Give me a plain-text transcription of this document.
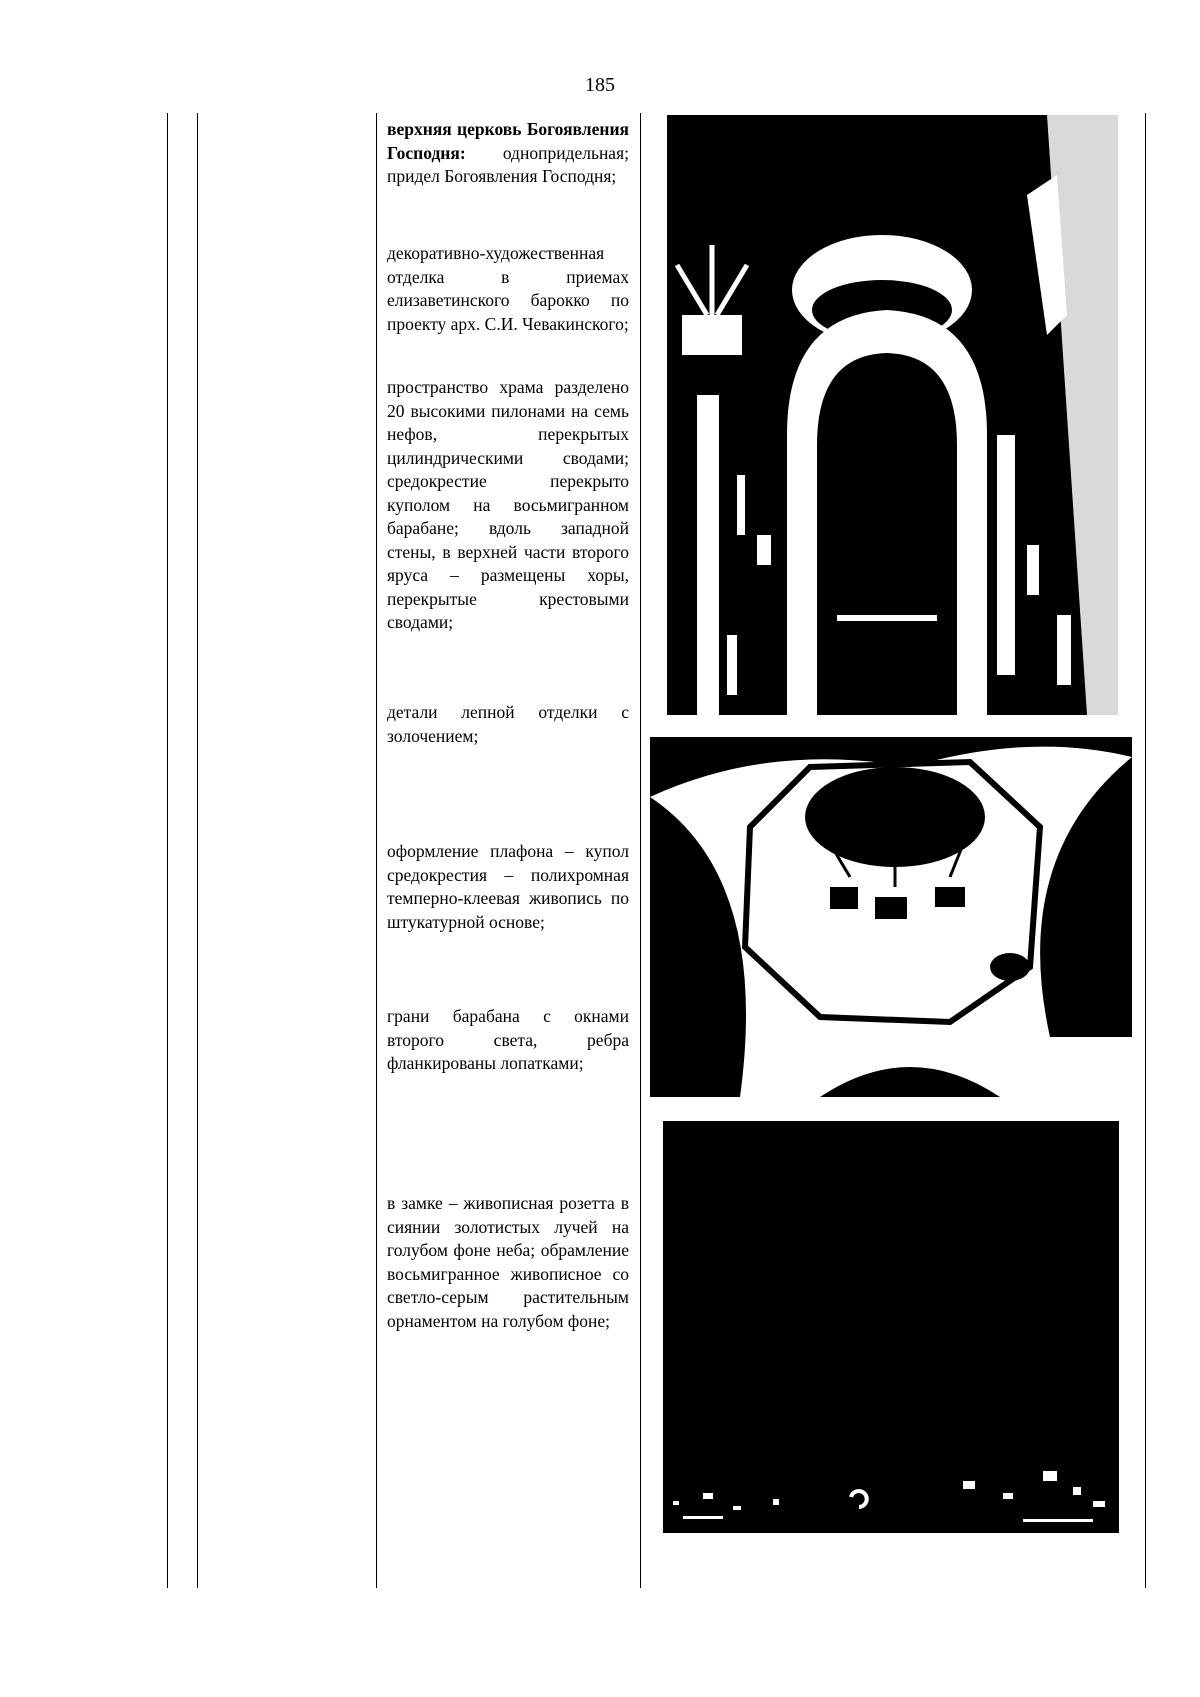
185

верхняя церковь Богоявления Господня: однопридельная; придел Богоявления Господня;

декоративно-художественная отделка в приемах елизаветинского барокко по проекту арх. С.И. Чевакинского;

пространство храма разделено 20 высокими пилонами на семь нефов, перекрытых цилиндрическими сводами; средокрестие перекрыто куполом на восьмигранном барабане; вдоль западной стены, в верхней части второго яруса – размещены хоры, перекрытые крестовыми сводами;

детали лепной отделки с золочением;

оформление плафона – купол средокрестия – полихромная темперно-клеевая живопись по штукатурной основе;

грани барабана с окнами второго света, ребра фланкированы лопатками;

в замке – живописная розетта в сиянии золотистых лучей на голубом фоне неба; обрамление восьмигранное живописное со светло-серым растительным орнаментом на голубом фоне;
